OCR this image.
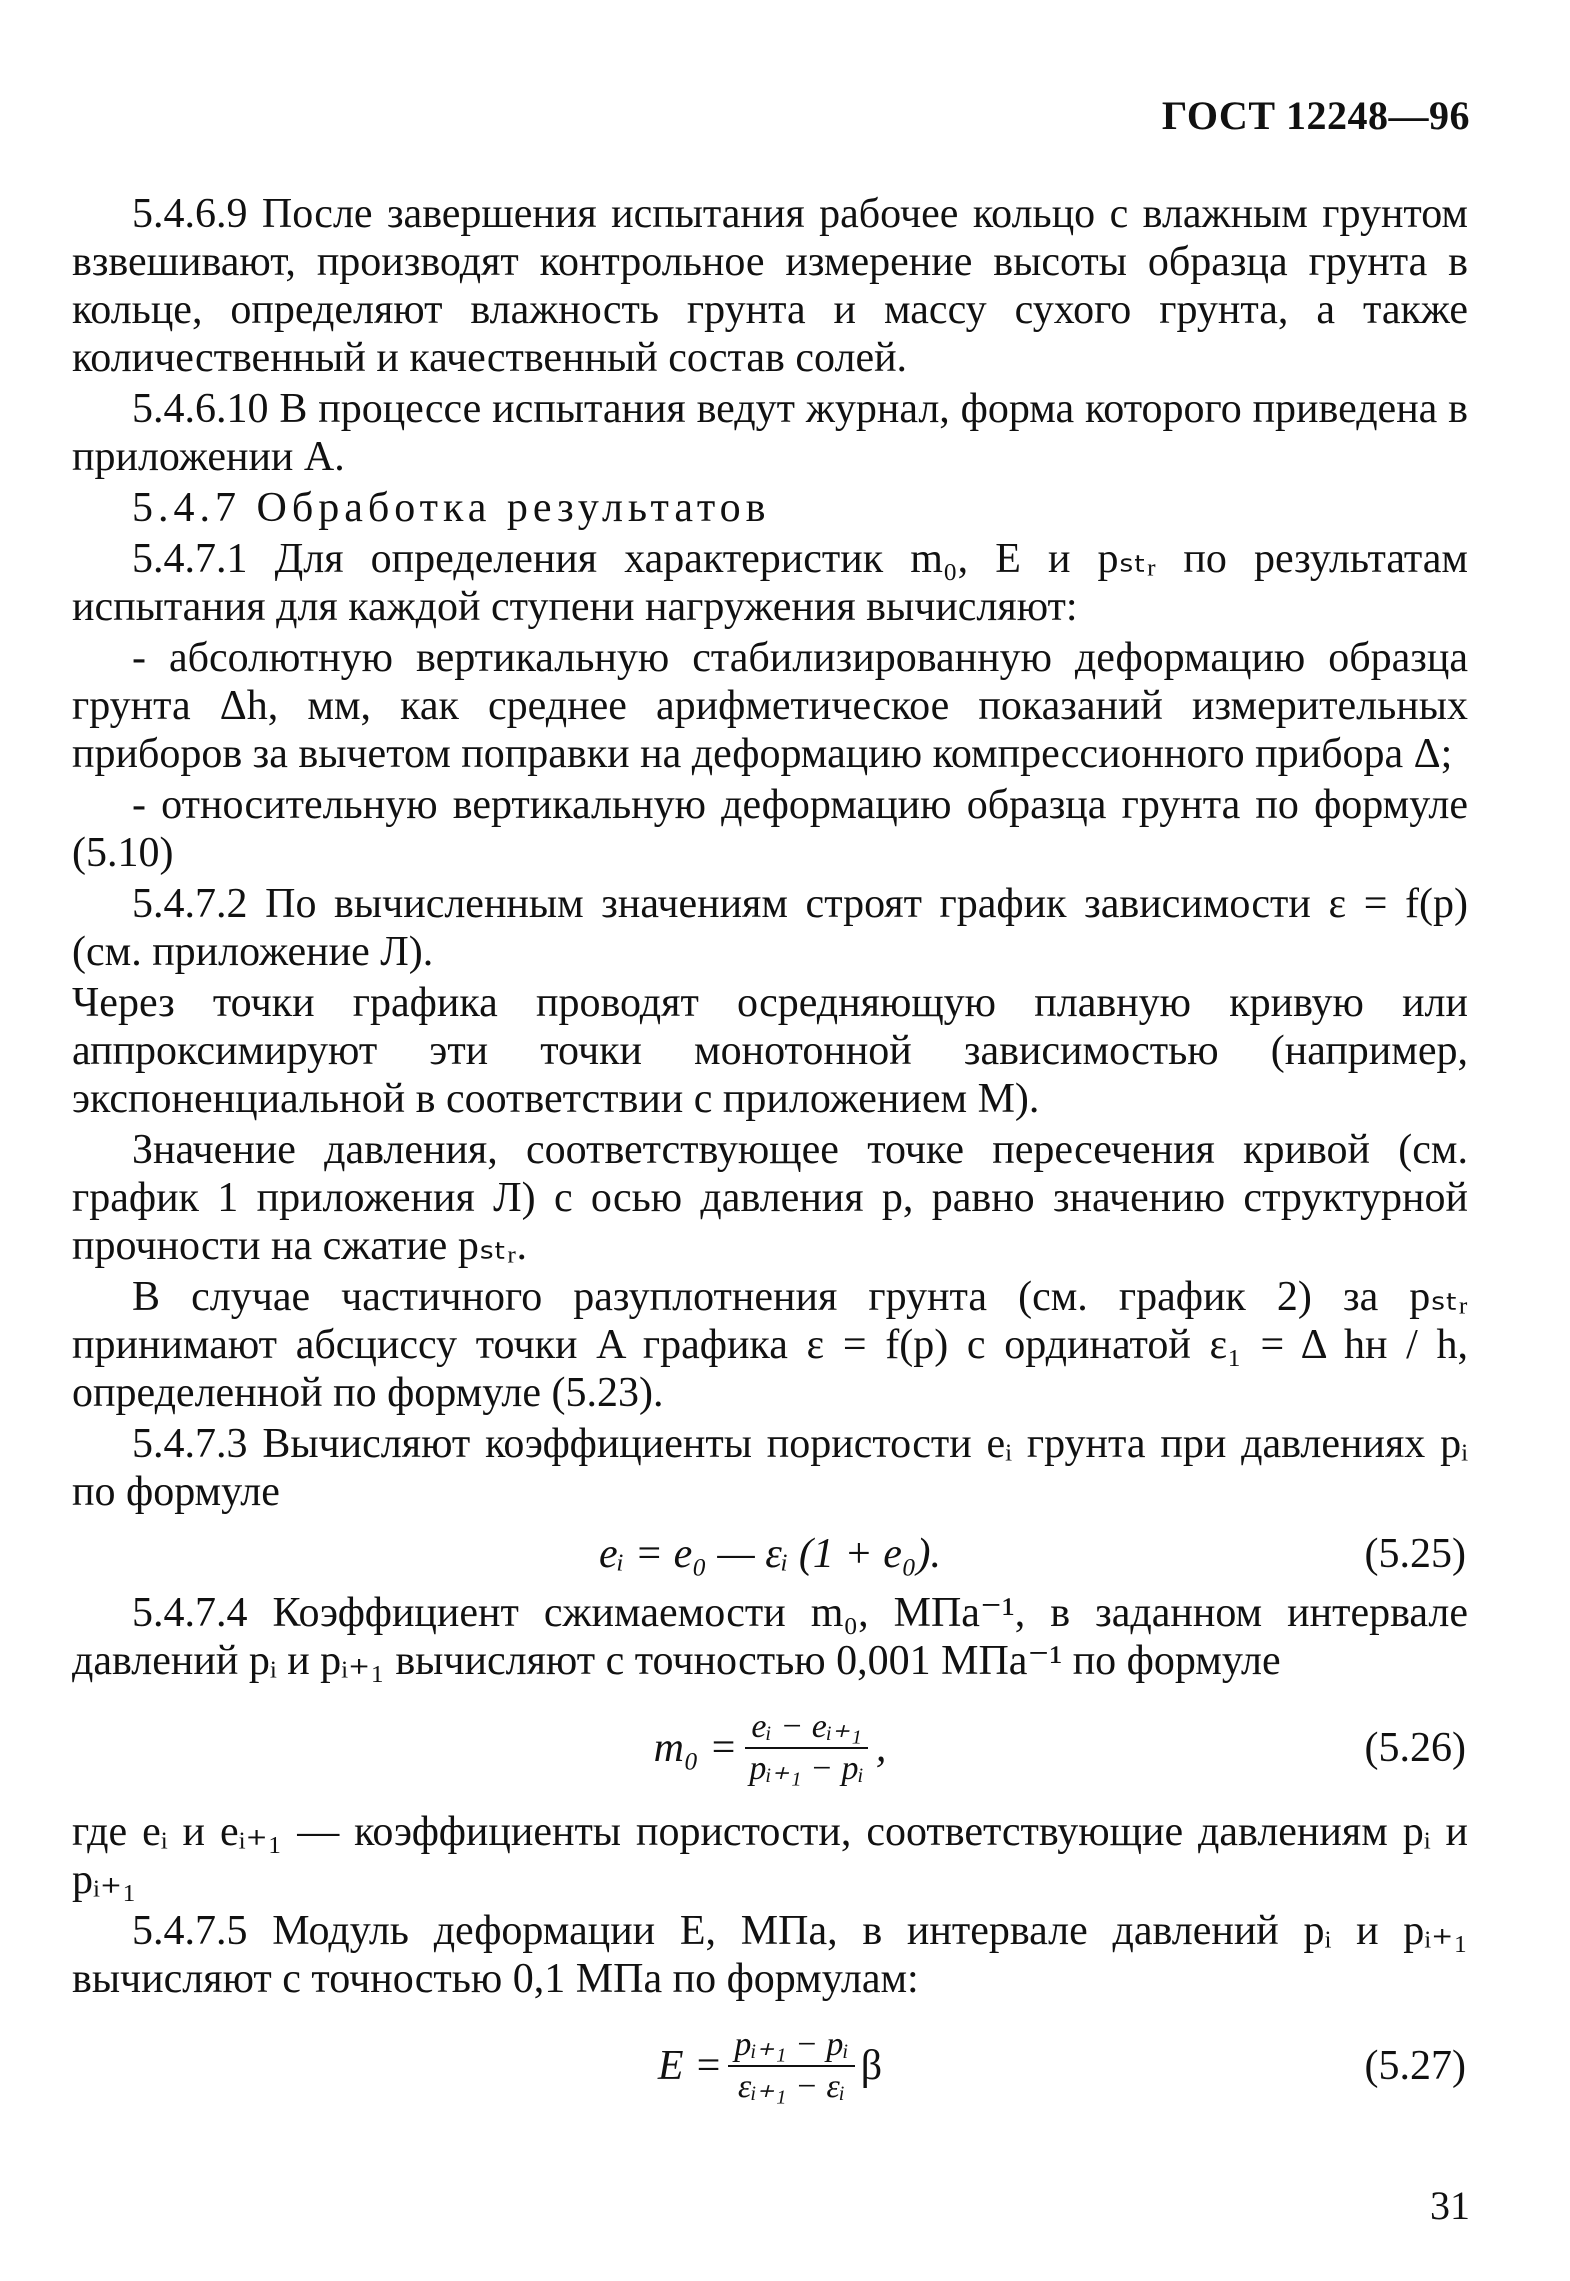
ГОСТ 12248—96

5.4.6.9 После завершения испытания рабочее кольцо с влажным грунтом взвешивают, производят контрольное измерение высоты образца грунта в кольце, определяют влажность грунта и массу сухого грунта, а также количественный и качественный состав солей.

5.4.6.10 В процессе испытания ведут журнал, форма которого приведена в приложении А.

5.4.7 Обработка результатов

5.4.7.1 Для определения характеристик m₀, E и pₛₜᵣ по результатам испытания для каждой ступени нагружения вычисляют:

- абсолютную вертикальную стабилизированную деформацию образца грунта Δh, мм, как среднее арифметическое показаний измерительных приборов за вычетом поправки на деформацию компрессионного прибора Δ;

- относительную вертикальную деформацию образца грунта по формуле (5.10)

5.4.7.2 По вычисленным значениям строят график зависимости ε = f(p) (см. приложение Л).

Через точки графика проводят осредняющую плавную кривую или аппроксимируют эти точки монотонной зависимостью (например, экспоненциальной в соответствии с приложением М).

Значение давления, соответствующее точке пересечения кривой (см. график 1 приложения Л) с осью давления p, равно значению структурной прочности на сжатие pₛₜᵣ.

В случае частичного разуплотнения грунта (см. график 2) за pₛₜᵣ принимают абсциссу точки A графика ε = f(p) с ординатой ε₁ = Δ hн / h, определенной по формуле (5.23).

5.4.7.3 Вычисляют коэффициенты пористости eᵢ грунта при давлениях pᵢ по формуле

eᵢ = e₀ — εᵢ (1 + e₀).	(5.25)

5.4.7.4 Коэффициент сжимаемости m₀, МПа⁻¹, в заданном интервале давлений pᵢ и pᵢ₊₁ вычисляют с точностью 0,001 МПа⁻¹ по формуле

$m_0 = \frac{\text{eᵢ − eᵢ₊₁}}{\text{pᵢ₊₁ − pᵢ}}$ ,	(5.26)

где eᵢ и eᵢ₊₁ — коэффициенты пористости, соответствующие давлениям pᵢ и pᵢ₊₁

5.4.7.5 Модуль деформации E, МПа, в интервале давлений pᵢ и pᵢ₊₁ вычисляют с точностью 0,1 МПа по формулам:

$E = \frac{\text{pᵢ₊₁ − pᵢ}}{\text{εᵢ₊₁ − εᵢ}}$ β	(5.27)
31
